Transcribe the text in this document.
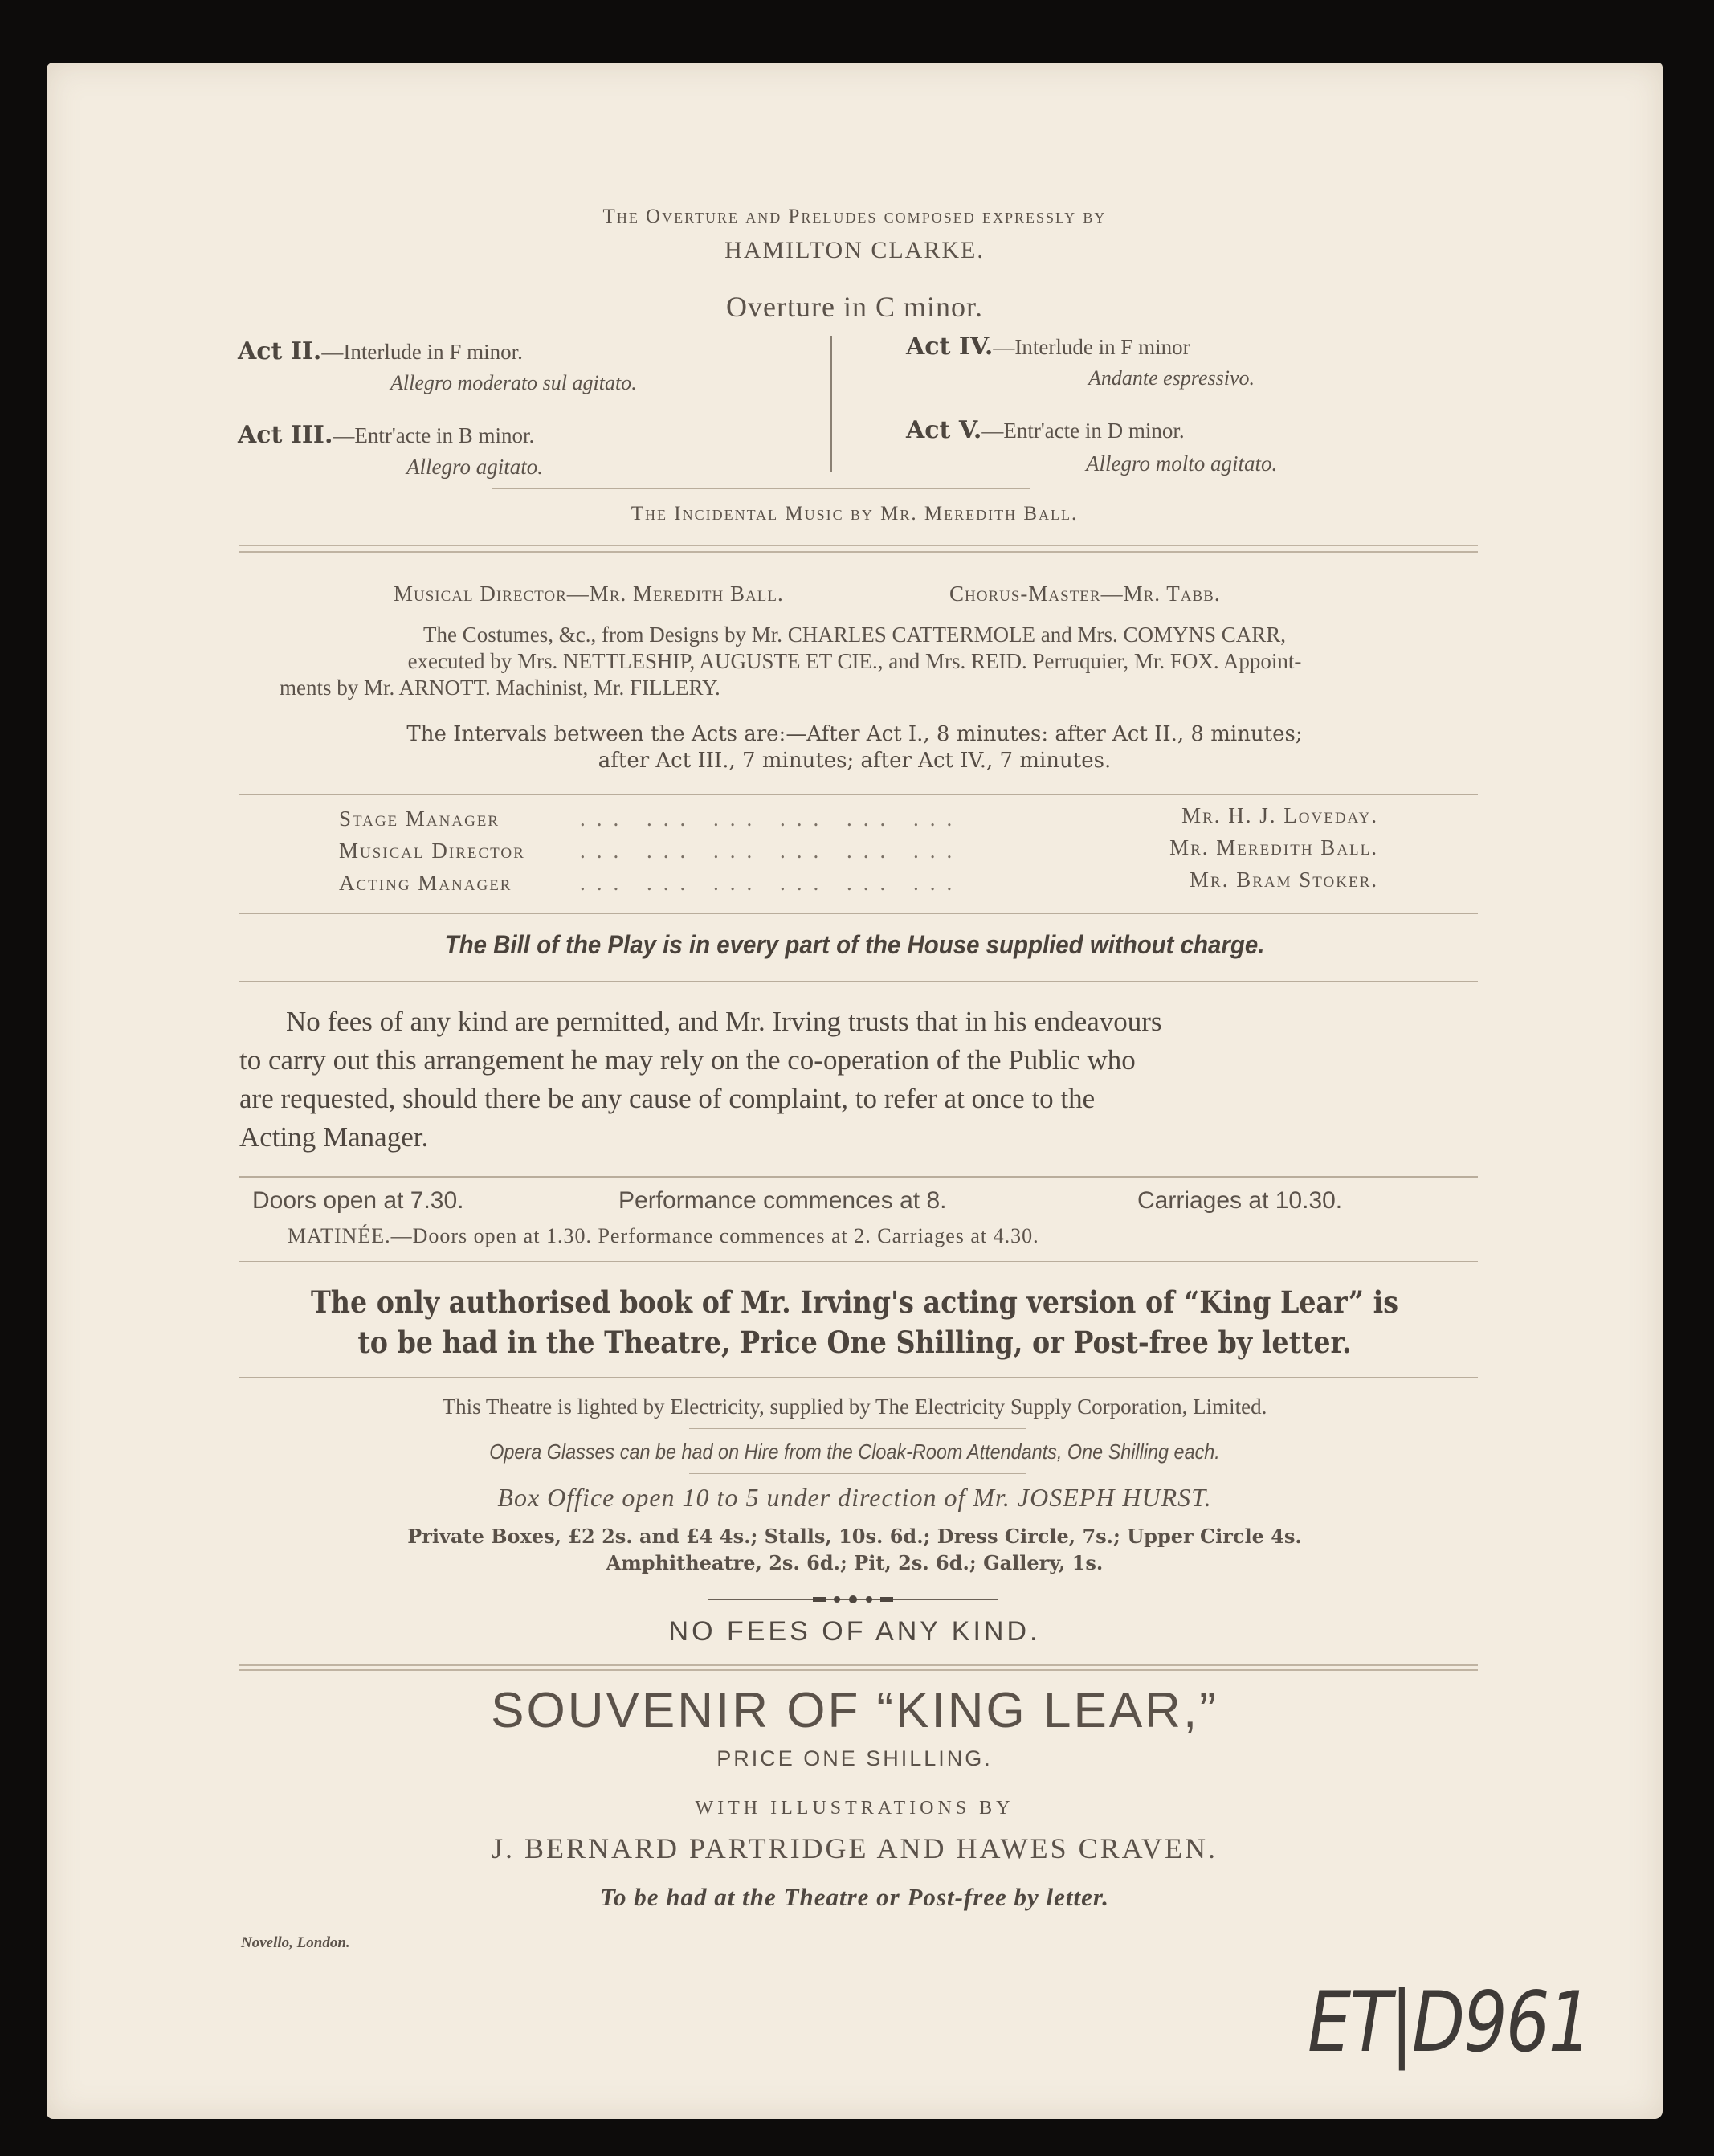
The Overture and Preludes composed expressly by
HAMILTON CLARKE.
Overture in C minor.
Act II.—Interlude in F minor.
Allegro moderato sul agitato.
Act III.—Entr'acte in B minor.
Allegro agitato.
Act IV.—Interlude in F minor
Andante espressivo.
Act V.—Entr'acte in D minor.
Allegro molto agitato.
The Incidental Music by Mr. Meredith Ball.
Musical Director—Mr. Meredith Ball.	Chorus-Master—Mr. Tabb.
The Costumes, &c., from Designs by Mr. CHARLES CATTERMOLE and Mrs. COMYNS CARR,
executed by Mrs. NETTLESHIP, AUGUSTE ET CIE., and Mrs. REID. Perruquier, Mr. FOX. Appoint-
ments by Mr. ARNOTT. Machinist, Mr. FILLERY.
The Intervals between the Acts are:—After Act I., 8 minutes: after Act II., 8 minutes;
after Act III., 7 minutes; after Act IV., 7 minutes.
Stage Manager	... ... ... ... ... ...	Mr. H. J. Loveday.
Musical Director	... ... ... ... ... ...	Mr. Meredith Ball.
Acting Manager	... ... ... ... ... ...	Mr. Bram Stoker.
The Bill of the Play is in every part of the House supplied without charge.
No fees of any kind are permitted, and Mr. Irving trusts that in his endeavours
to carry out this arrangement he may rely on the co-operation of the Public who
are requested, should there be any cause of complaint, to refer at once to the
Acting Manager.
Doors open at 7.30.	Performance commences at 8.	Carriages at 10.30.
MATINÉE.—Doors open at 1.30. Performance commences at 2. Carriages at 4.30.
The only authorised book of Mr. Irving's acting version of “King Lear” is
to be had in the Theatre, Price One Shilling, or Post-free by letter.
This Theatre is lighted by Electricity, supplied by The Electricity Supply Corporation, Limited.
Opera Glasses can be had on Hire from the Cloak-Room Attendants, One Shilling each.
Box Office open 10 to 5 under direction of Mr. JOSEPH HURST.
Private Boxes, £2 2s. and £4 4s.; Stalls, 10s. 6d.; Dress Circle, 7s.; Upper Circle 4s.
Amphitheatre, 2s. 6d.; Pit, 2s. 6d.; Gallery, 1s.
NO FEES OF ANY KIND.
SOUVENIR OF “KING LEAR,”
PRICE ONE SHILLING.
WITH ILLUSTRATIONS BY
J. BERNARD PARTRIDGE AND HAWES CRAVEN.
To be had at the Theatre or Post-free by letter.
Novello, London.
ET|D961
